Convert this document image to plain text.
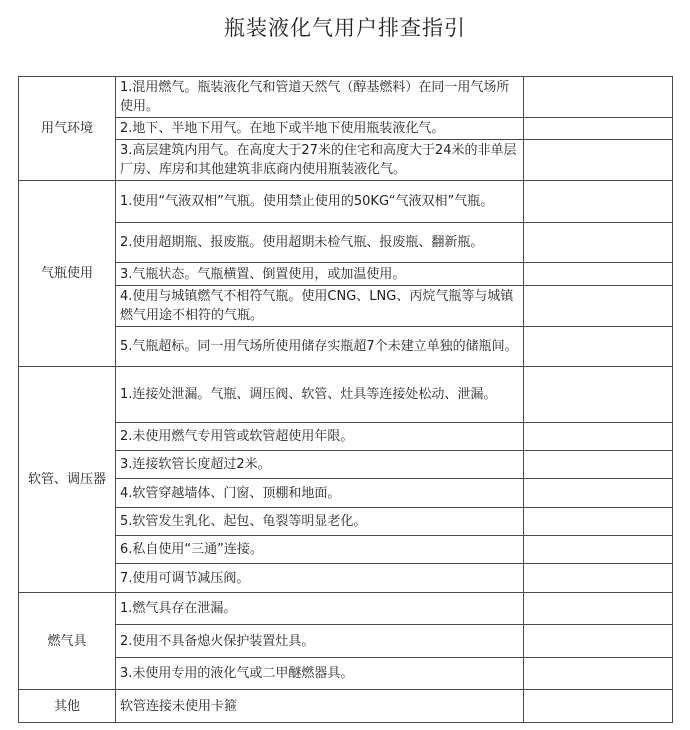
瓶装液化气用户排查指引
用气环境	1.混用燃气。瓶装液化气和管道天然气（醇基燃料）在同一用气场所使用。	
	2.地下、半地下用气。在地下或半地下使用瓶装液化气。	
	3.高层建筑内用气。在高度大于27米的住宅和高度大于24米的非单层厂房、库房和其他建筑非底商内使用瓶装液化气。	
气瓶使用	1.使用“气液双相”气瓶。使用禁止使用的50KG“气液双相”气瓶。	
	2.使用超期瓶、报废瓶。使用超期未检气瓶、报废瓶、翻新瓶。	
	3.气瓶状态。气瓶横置、倒置使用，或加温使用。	
	4.使用与城镇燃气不相符气瓶。使用CNG、LNG、丙烷气瓶等与城镇燃气用途不相符的气瓶。	
	5.气瓶超标。同一用气场所使用储存实瓶超7个未建立单独的储瓶间。	
软管、调压器	1.连接处泄漏。气瓶、调压阀、软管、灶具等连接处松动、泄漏。	
	2.未使用燃气专用管或软管超使用年限。	
	3.连接软管长度超过2米。	
	4.软管穿越墙体、门窗、顶棚和地面。	
	5.软管发生乳化、起包、龟裂等明显老化。	
	6.私自使用“三通”连接。	
	7.使用可调节减压阀。	
燃气具	1.燃气具存在泄漏。	
	2.使用不具备熄火保护装置灶具。	
	3.未使用专用的液化气或二甲醚燃器具。	
其他	软管连接未使用卡箍	
